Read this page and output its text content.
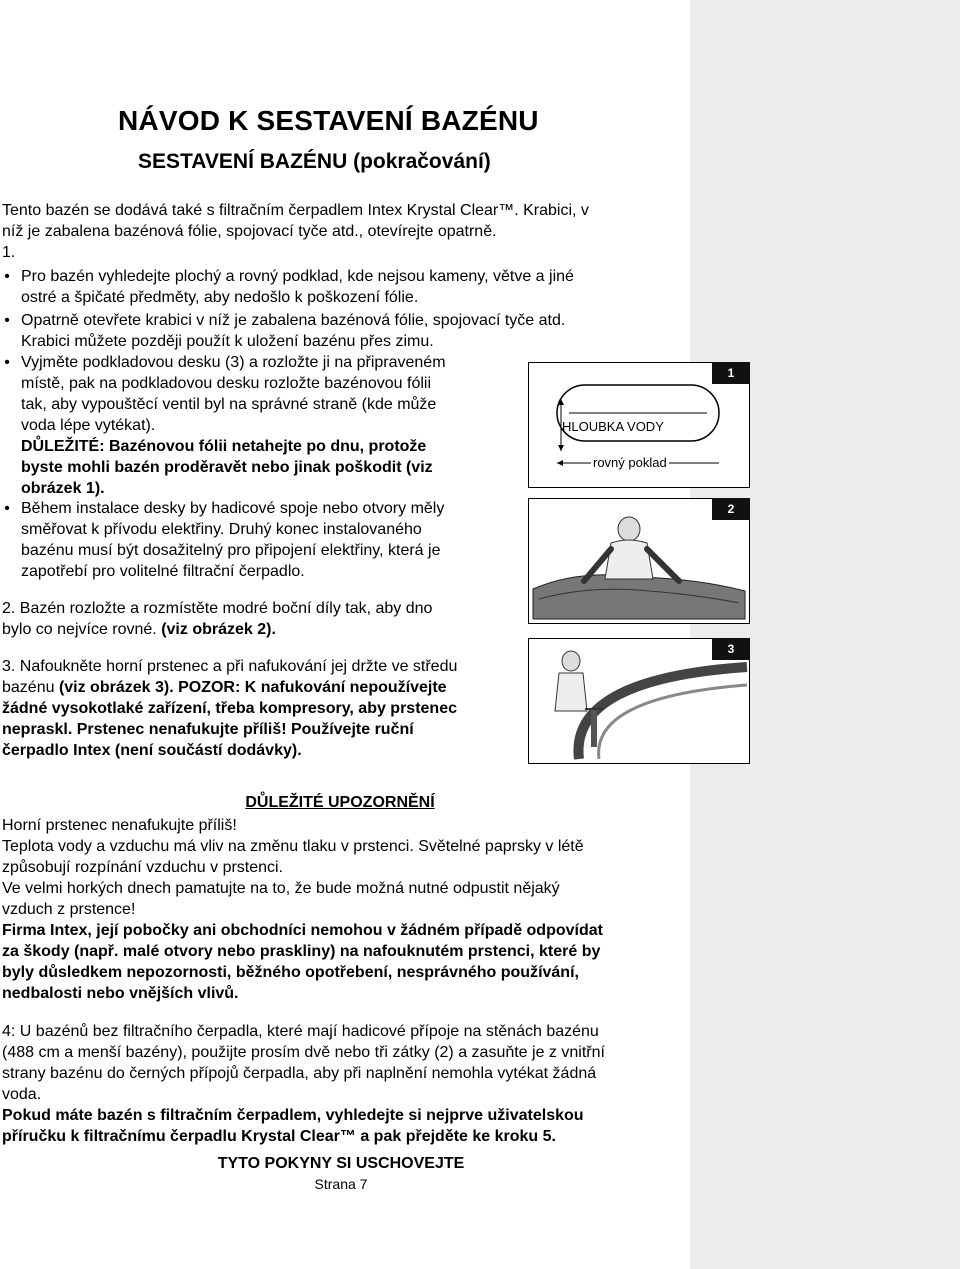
NÁVOD K SESTAVENÍ BAZÉNU
SESTAVENÍ BAZÉNU (pokračování)

Tento bazén se dodává také s filtračním čerpadlem Intex Krystal Clear™. Krabici, v

níž je zabalena bazénová fólie, spojovací tyče atd., otevírejte opatrně.

1.

• Pro bazén vyhledejte plochý a rovný podklad, kde nejsou kameny, větve a jiné

ostré a špičaté předměty, aby nedošlo k poškození fólie.

• Opatrně otevřete krabici v níž je zabalena bazénová fólie, spojovací tyče atd.

Krabici můžete později použít k uložení bazénu přes zimu.

• Vyjměte podkladovou desku (3) a rozložte ji na připraveném

místě, pak na podkladovou desku rozložte bazénovou fólii

tak, aby vypouštěcí ventil byl na správné straně (kde může

voda lépe vytékat).

DŮLEŽITÉ: Bazénovou fólii netahejte po dnu, protože

byste mohli bazén proděravět nebo jinak poškodit (viz

obrázek 1).

• Během instalace desky by hadicové spoje nebo otvory měly

směřovat k přívodu elektřiny. Druhý konec instalovaného

bazénu musí být dosažitelný pro připojení elektřiny, která je

zapotřebí pro volitelné filtrační čerpadlo.

2. Bazén rozložte a rozmístěte modré boční díly tak, aby dno

bylo co nejvíce rovné. (viz obrázek 2).

3. Nafoukněte horní prstenec a při nafukování jej držte ve středu

bazénu (viz obrázek 3). POZOR: K nafukování nepoužívejte

žádné vysokotlaké zařízení, třeba kompresory, aby prstenec

nepraskl. Prstenec nenafukujte příliš! Používejte ruční

čerpadlo Intex (není součástí dodávky).

1
HLOUBKA VODY
rovný poklad
2
3
DŮLEŽITÉ UPOZORNĚNÍ

Horní prstenec nenafukujte příliš!

Teplota vody a vzduchu má vliv na změnu tlaku v prstenci. Světelné paprsky v létě

způsobují rozpínání vzduchu v prstenci.

Ve velmi horkých dnech pamatujte na to, že bude možná nutné odpustit nějaký

vzduch z prstence!

Firma Intex, její pobočky ani obchodníci nemohou v žádném případě odpovídat

za škody (např. malé otvory nebo praskliny) na nafouknutém prstenci, které by

byly důsledkem nepozornosti, běžného opotřebení, nesprávného používání,

nedbalosti nebo vnějších vlivů.

4: U bazénů bez filtračního čerpadla, které mají hadicové přípoje na stěnách bazénu

(488 cm a menší bazény), použijte prosím dvě nebo tři zátky (2) a zasuňte je z vnitřní

strany bazénu do černých přípojů čerpadla, aby při naplnění nemohla vytékat žádná

voda.

Pokud máte bazén s filtračním čerpadlem, vyhledejte si nejprve uživatelskou

příručku k filtračnímu čerpadlu Krystal Clear™ a pak přejděte ke kroku 5.

TYTO POKYNY SI USCHOVEJTE
Strana 7
